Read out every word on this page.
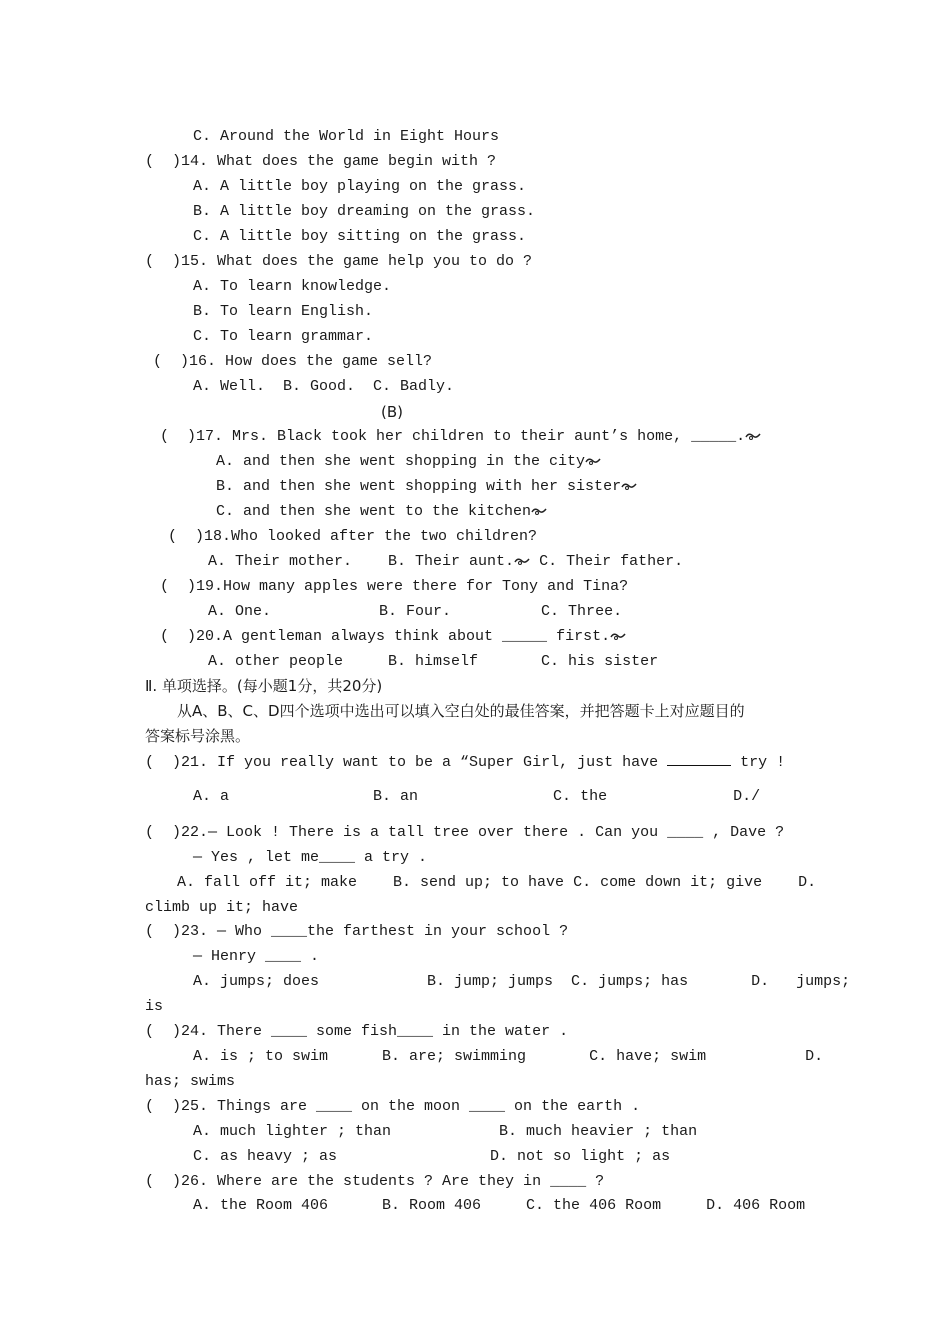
C. Around the World in Eight Hours
(  )14. What does the game begin with ?
A. A little boy playing on the grass.
B. A little boy dreaming on the grass.
C. A little boy sitting on the grass.
(  )15. What does the game help you to do ?
A. To learn knowledge.
B. To learn English.
C. To learn grammar.
(  )16. How does the game sell?
A. Well.  B. Good.  C. Badly.
(B)
(  )17. Mrs. Black took her children to their aunt’s home, _____.
A. and then she went shopping in the city
B. and then she went shopping with her sister
C. and then she went to the kitchen
(  )18.Who looked after the two children?
A. Their mother.    B. Their aunt. C. Their father.
(  )19.How many apples were there for Tony and Tina?
A. One.            B. Four.          C. Three.
(  )20.A gentleman always think about _____ first.
A. other people     B. himself       C. his sister
Ⅱ. 单项选择。(每小题1分，共20分)
从A、B、C、D四个选项中选出可以填入空白处的最佳答案，并把答题卡上对应题目的
答案标号涂黑。
(  )21. If you really want to be a “Super Girl, just have	try !
A. a                B. an               C. the              D./
(  )22.— Look ! There is a tall tree over there . Can you ____ , Dave ?
— Yes , let me____ a try .
A. fall off it; make    B. send up; to have C. come down it; give    D.
climb up it; have
(  )23. — Who ____the farthest in your school ?
— Henry ____ .
A. jumps; does            B. jump; jumps  C. jumps; has       D.   jumps;
is
(  )24. There ____ some fish____ in the water .
A. is ; to swim      B. are; swimming       C. have; swim           D.
has; swims
(  )25. Things are ____ on the moon ____ on the earth .
A. much lighter ; than            B. much heavier ; than
C. as heavy ; as                 D. not so light ; as
(  )26. Where are the students ? Are they in ____ ?
A. the Room 406      B. Room 406     C. the 406 Room     D. 406 Room
